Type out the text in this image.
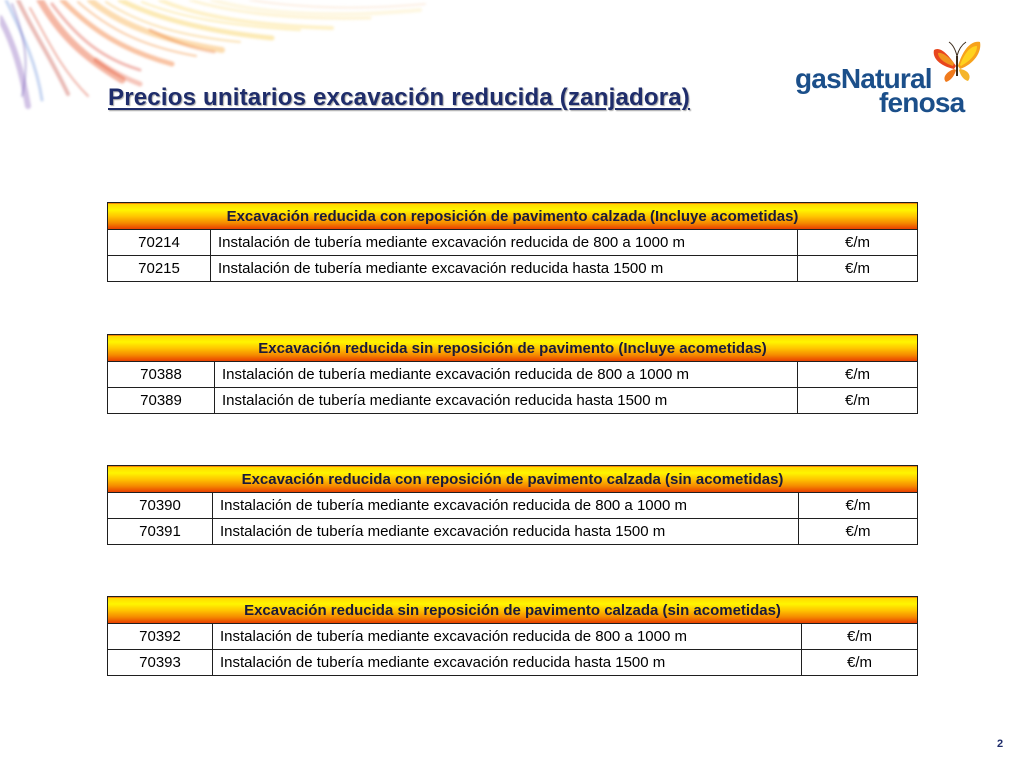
Precios unitarios excavación reducida (zanjadora)
gasNatural
fenosa
Excavación reducida con reposición de pavimento calzada (Incluye acometidas)		
70214	Instalación de tubería mediante excavación reducida de 800 a 1000 m	€/m
70215	Instalación de tubería mediante excavación reducida hasta 1500 m	€/m
Excavación reducida sin reposición de pavimento (Incluye acometidas)		
70388	Instalación de tubería mediante excavación reducida de 800 a 1000 m	€/m
70389	Instalación de tubería mediante excavación reducida hasta 1500 m	€/m
Excavación reducida con reposición de pavimento calzada (sin acometidas)		
70390	Instalación de tubería mediante excavación reducida de 800 a 1000 m	€/m
70391	Instalación de tubería mediante excavación reducida hasta 1500 m	€/m
Excavación reducida sin reposición de pavimento calzada (sin acometidas)		
70392	Instalación de tubería mediante excavación reducida de 800 a 1000 m	€/m
70393	Instalación de tubería mediante excavación reducida hasta 1500 m	€/m
2
